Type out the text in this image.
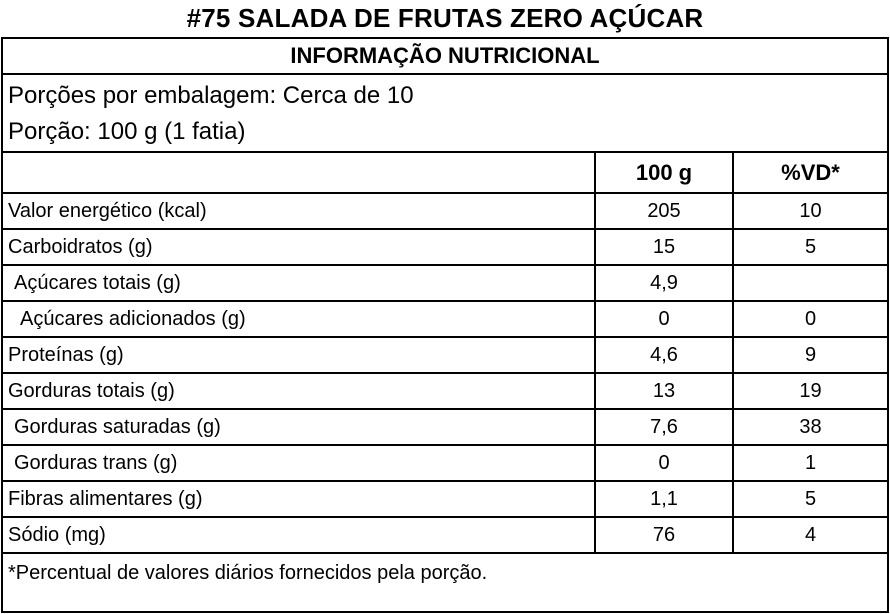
#75 SALADA DE FRUTAS ZERO AÇÚCAR
INFORMAÇÃO NUTRICIONAL
Porções por embalagem: Cerca de 10
Porção: 100 g (1 fatia)
	100 g	%VD*
Valor energético (kcal)	205	10
Carboidratos (g)	15	5
Açúcares totais (g)	4,9	
Açúcares adicionados (g)	0	0
Proteínas (g)	4,6	9
Gorduras totais (g)	13	19
Gorduras saturadas (g)	7,6	38
Gorduras trans (g)	0	1
Fibras alimentares (g)	1,1	5
Sódio (mg)	76	4
*Percentual de valores diários fornecidos pela porção.
